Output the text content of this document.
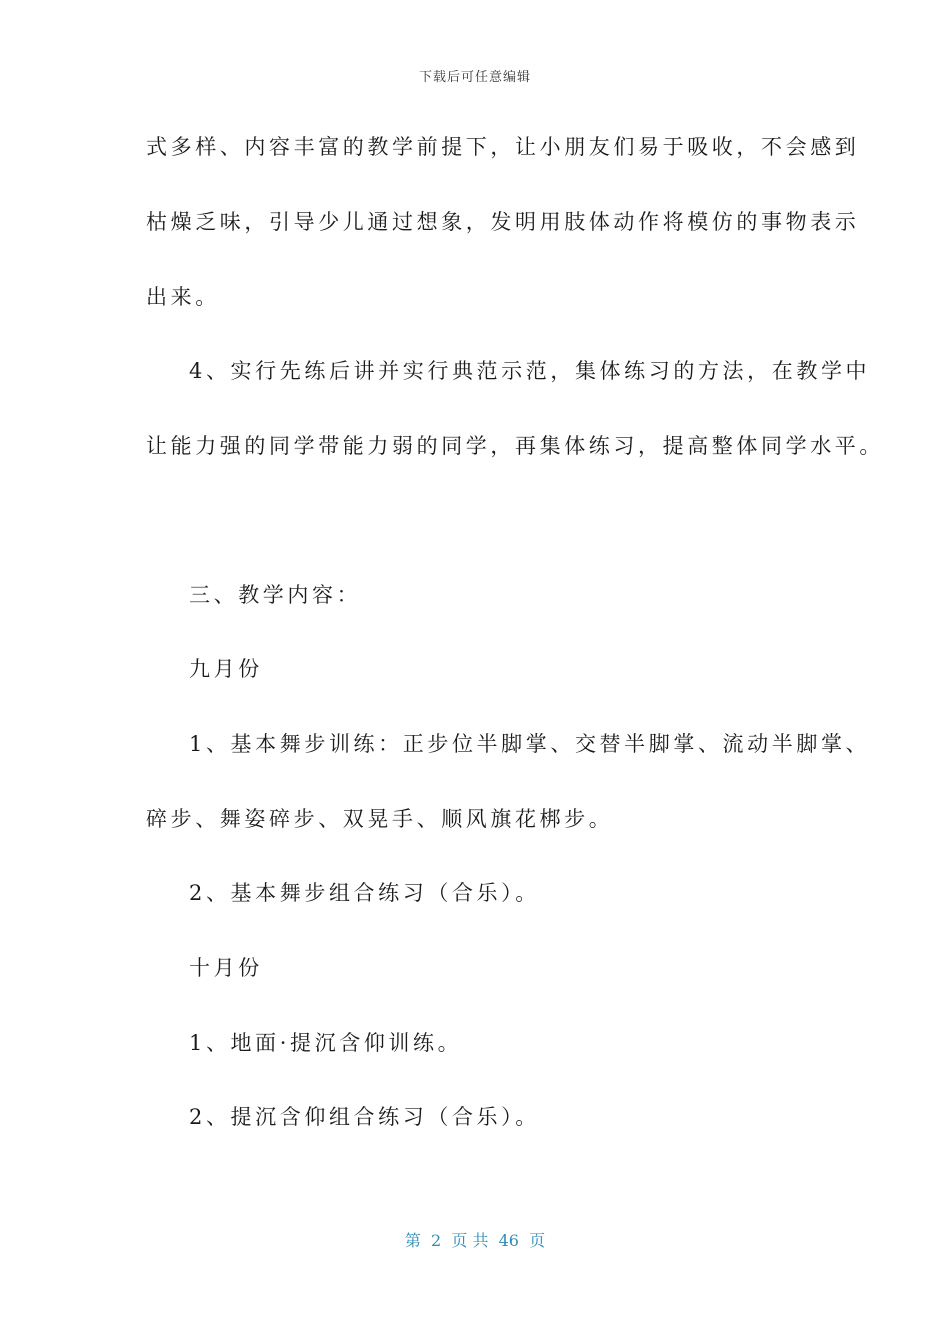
下载后可任意编辑
式多样、内容丰富的教学前提下，让小朋友们易于吸收，不会感到
枯燥乏味，引导少儿通过想象，发明用肢体动作将模仿的事物表示
出来。
4、实行先练后讲并实行典范示范，集体练习的方法，在教学中
让能力强的同学带能力弱的同学，再集体练习，提高整体同学水平。
三、教学内容：
九月份
1、基本舞步训练：正步位半脚掌、交替半脚掌、流动半脚掌、
碎步、舞姿碎步、双晃手、顺风旗花梆步。
2、基本舞步组合练习（合乐）。
十月份
1、地面·提沉含仰训练。
2、提沉含仰组合练习（合乐）。
第  2  页 共  46  页
